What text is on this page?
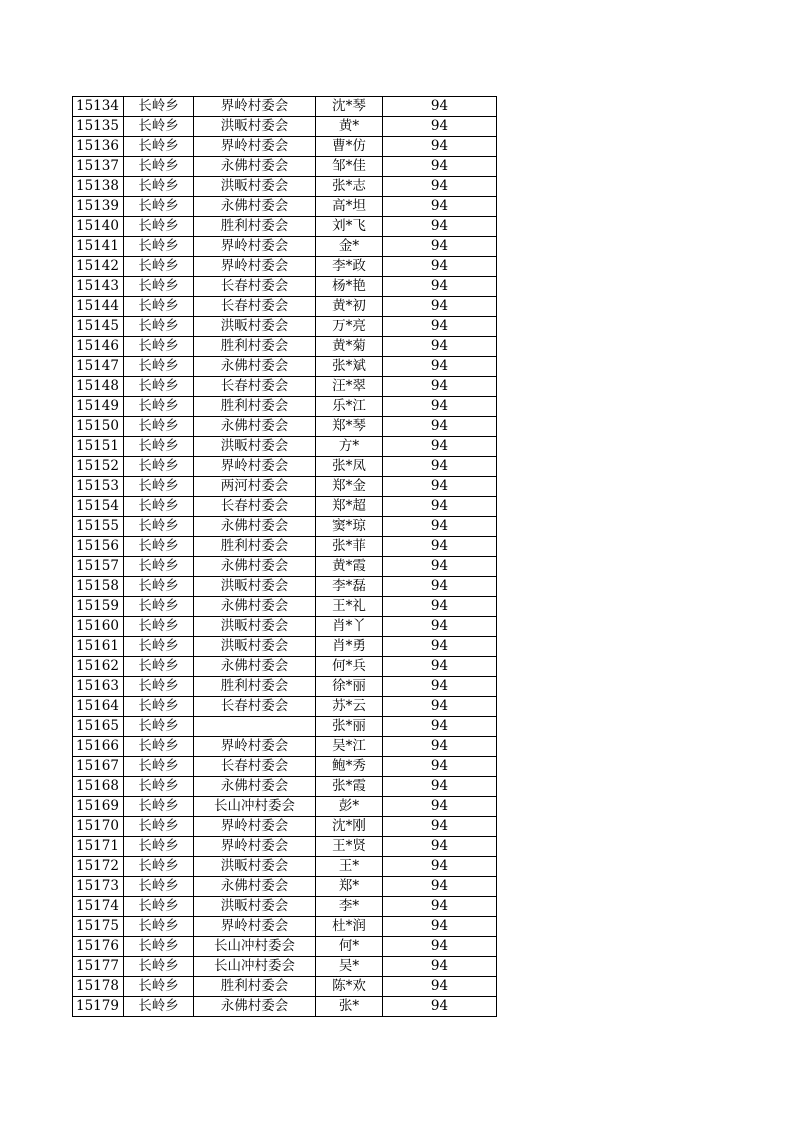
15134	长岭乡	界岭村委会	沈*琴	94
15135	长岭乡	洪畈村委会	黄*	94
15136	长岭乡	界岭村委会	曹*仿	94
15137	长岭乡	永佛村委会	邹*佳	94
15138	长岭乡	洪畈村委会	张*志	94
15139	长岭乡	永佛村委会	高*坦	94
15140	长岭乡	胜利村委会	刘*飞	94
15141	长岭乡	界岭村委会	金*	94
15142	长岭乡	界岭村委会	李*政	94
15143	长岭乡	长春村委会	杨*艳	94
15144	长岭乡	长春村委会	黄*初	94
15145	长岭乡	洪畈村委会	万*亮	94
15146	长岭乡	胜利村委会	黄*菊	94
15147	长岭乡	永佛村委会	张*斌	94
15148	长岭乡	长春村委会	汪*翠	94
15149	长岭乡	胜利村委会	乐*江	94
15150	长岭乡	永佛村委会	郑*琴	94
15151	长岭乡	洪畈村委会	方*	94
15152	长岭乡	界岭村委会	张*凤	94
15153	长岭乡	两河村委会	郑*金	94
15154	长岭乡	长春村委会	郑*超	94
15155	长岭乡	永佛村委会	窦*琼	94
15156	长岭乡	胜利村委会	张*菲	94
15157	长岭乡	永佛村委会	黄*霞	94
15158	长岭乡	洪畈村委会	李*磊	94
15159	长岭乡	永佛村委会	王*礼	94
15160	长岭乡	洪畈村委会	肖*丫	94
15161	长岭乡	洪畈村委会	肖*勇	94
15162	长岭乡	永佛村委会	何*兵	94
15163	长岭乡	胜利村委会	徐*丽	94
15164	长岭乡	长春村委会	苏*云	94
15165	长岭乡		张*丽	94
15166	长岭乡	界岭村委会	吴*江	94
15167	长岭乡	长春村委会	鲍*秀	94
15168	长岭乡	永佛村委会	张*霞	94
15169	长岭乡	长山冲村委会	彭*	94
15170	长岭乡	界岭村委会	沈*刚	94
15171	长岭乡	界岭村委会	王*贤	94
15172	长岭乡	洪畈村委会	王*	94
15173	长岭乡	永佛村委会	郑*	94
15174	长岭乡	洪畈村委会	李*	94
15175	长岭乡	界岭村委会	杜*润	94
15176	长岭乡	长山冲村委会	何*	94
15177	长岭乡	长山冲村委会	吴*	94
15178	长岭乡	胜利村委会	陈*欢	94
15179	长岭乡	永佛村委会	张*	94
